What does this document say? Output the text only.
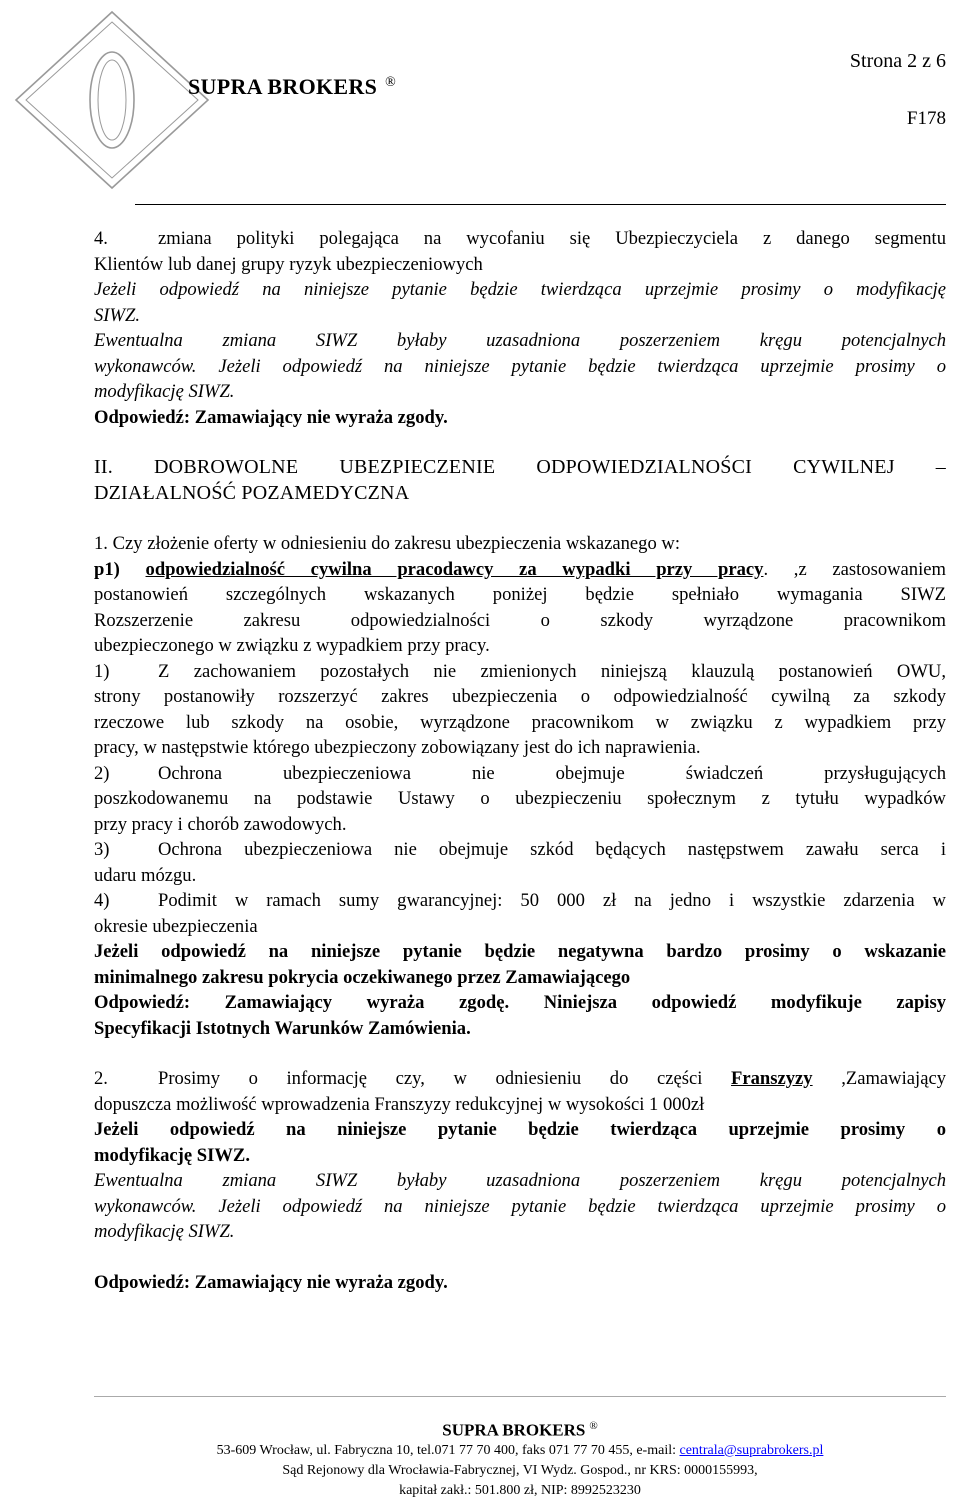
SUPRA BROKERS ®
Strona 2 z 6
F178

4.	zmiana polityki polegająca na wycofaniu się Ubezpieczyciela z danego segmentu

Klientów lub danej grupy ryzyk ubezpieczeniowych

Jeżeli odpowiedź na niniejsze pytanie będzie twierdząca uprzejmie prosimy o modyfikację

SIWZ.

Ewentualna zmiana SIWZ byłaby uzasadniona poszerzeniem kręgu potencjalnych

wykonawców. Jeżeli odpowiedź na niniejsze pytanie będzie twierdząca uprzejmie prosimy o

modyfikację SIWZ.

Odpowiedź: Zamawiający nie wyraża zgody.

II. DOBROWOLNE UBEZPIECZENIE ODPOWIEDZIALNOŚCI CYWILNEJ –

DZIAŁALNOŚĆ POZAMEDYCZNA

1. Czy złożenie oferty w odniesieniu do zakresu ubezpieczenia wskazanego w:

p1) odpowiedzialność cywilna pracodawcy za wypadki przy pracy. ,z zastosowaniem

postanowień szczególnych wskazanych poniżej będzie spełniało wymagania SIWZ

Rozszerzenie zakresu odpowiedzialności o szkody wyrządzone pracownikom

ubezpieczonego w związku z wypadkiem przy pracy.

1)	Z zachowaniem pozostałych nie zmienionych niniejszą klauzulą postanowień OWU,

strony postanowiły rozszerzyć zakres ubezpieczenia o odpowiedzialność cywilną za szkody

rzeczowe lub szkody na osobie, wyrządzone pracownikom w związku z wypadkiem przy

pracy, w następstwie którego ubezpieczony zobowiązany jest do ich naprawienia.

2)	Ochrona ubezpieczeniowa nie obejmuje świadczeń przysługujących

poszkodowanemu na podstawie Ustawy o ubezpieczeniu społecznym z tytułu wypadków

przy pracy i chorób zawodowych.

3)	Ochrona ubezpieczeniowa nie obejmuje szkód będących następstwem zawału serca i

udaru mózgu.

4)	Podimit w ramach sumy gwarancyjnej: 50 000 zł na jedno i wszystkie zdarzenia w

okresie ubezpieczenia

Jeżeli odpowiedź na niniejsze pytanie będzie negatywna bardzo prosimy o wskazanie

minimalnego zakresu pokrycia oczekiwanego przez Zamawiającego

Odpowiedź: Zamawiający wyraża zgodę. Niniejsza odpowiedź modyfikuje zapisy

Specyfikacji Istotnych Warunków Zamówienia.

2.	Prosimy o informację czy, w odniesieniu do części Franszyzy ,Zamawiający

dopuszcza możliwość wprowadzenia Franszyzy redukcyjnej w wysokości 1 000zł

Jeżeli odpowiedź na niniejsze pytanie będzie twierdząca uprzejmie prosimy o

modyfikację SIWZ.

Ewentualna zmiana SIWZ byłaby uzasadniona poszerzeniem kręgu potencjalnych

wykonawców. Jeżeli odpowiedź na niniejsze pytanie będzie twierdząca uprzejmie prosimy o

modyfikację SIWZ.

Odpowiedź: Zamawiający nie wyraża zgody.

SUPRA BROKERS ®
53-609 Wrocław, ul. Fabryczna 10, tel.071 77 70 400, faks 071 77 70 455, e-mail: centrala@suprabrokers.pl
Sąd Rejonowy dla Wrocławia-Fabrycznej, VI Wydz. Gospod., nr KRS: 0000155993,
kapitał zakł.: 501.800 zł, NIP: 8992523230
